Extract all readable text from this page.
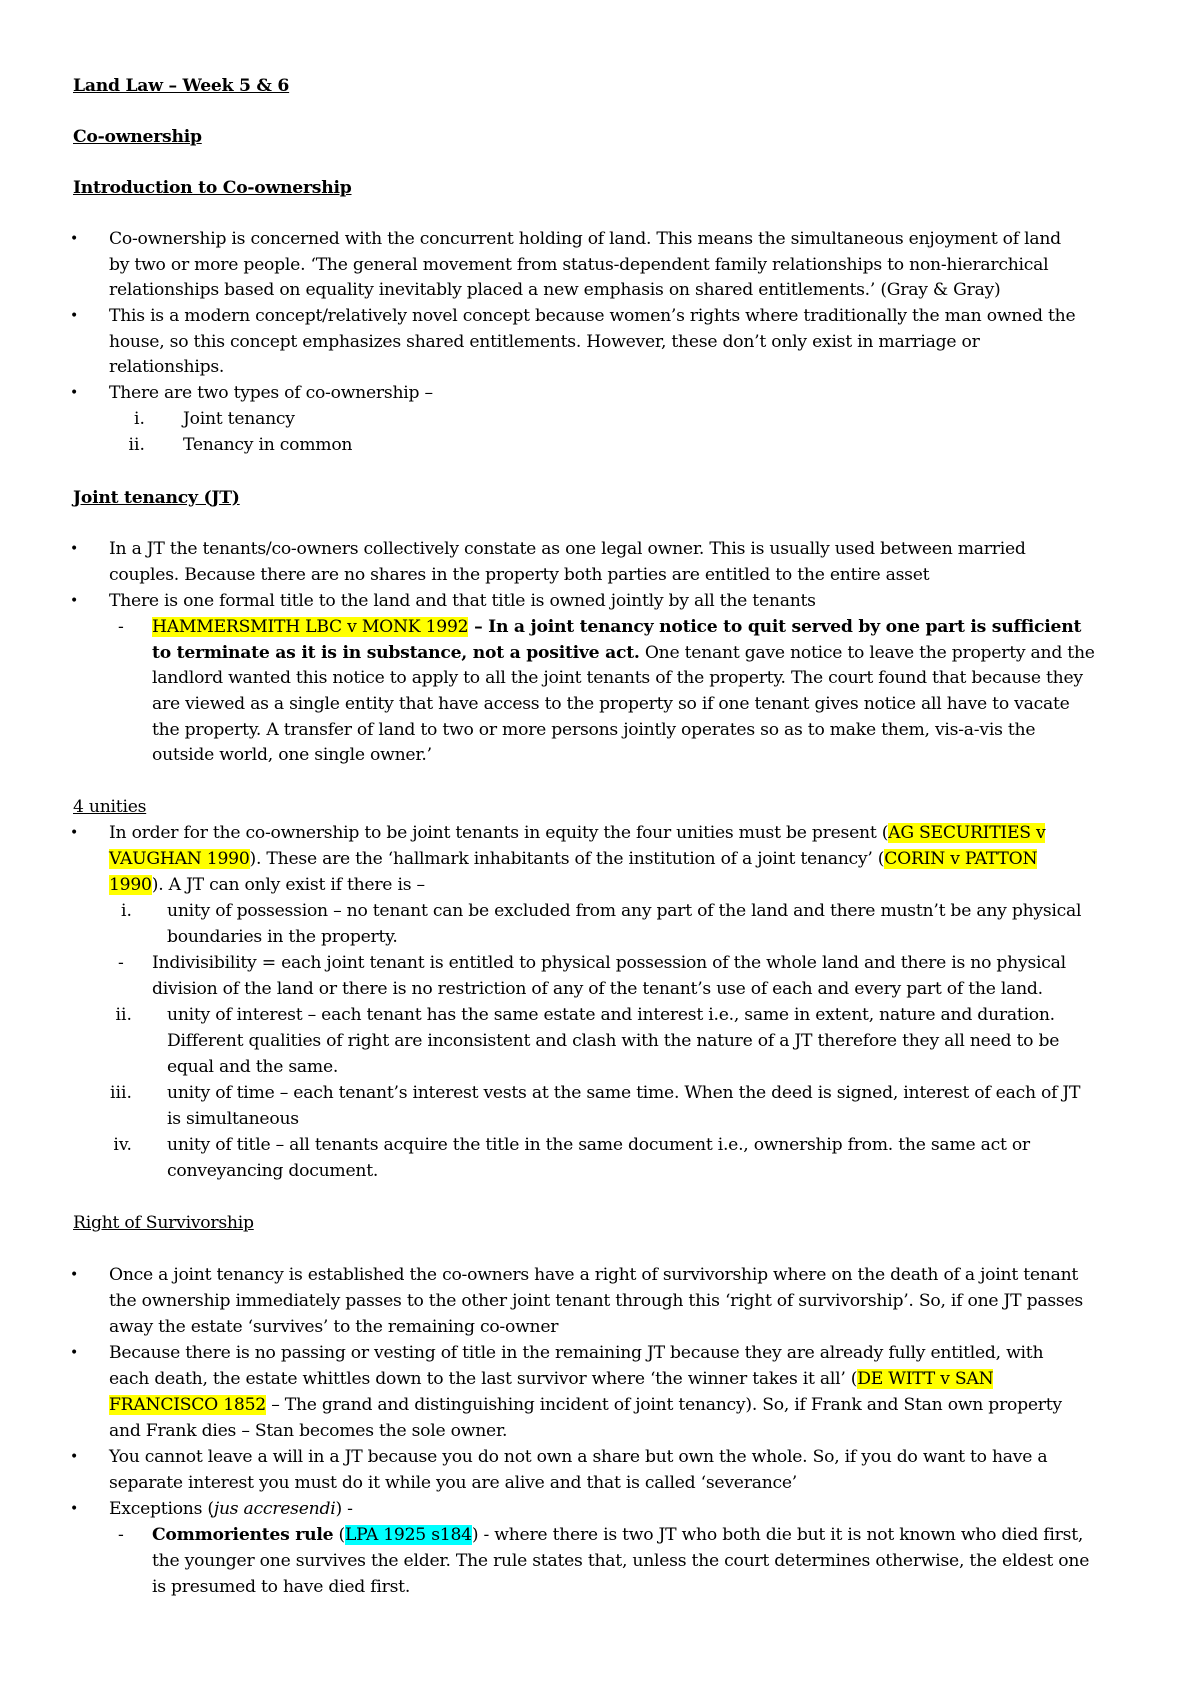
Land Law – Week 5 & 6
Co-ownership
Introduction to Co-ownership
• Co-ownership is concerned with the concurrent holding of land. This means the simultaneous enjoyment of land
by two or more people. ‘The general movement from status-dependent family relationships to non-hierarchical
relationships based on equality inevitably placed a new emphasis on shared entitlements.’ (Gray & Gray)
• This is a modern concept/relatively novel concept because women’s rights where traditionally the man owned the
house, so this concept emphasizes shared entitlements. However, these don’t only exist in marriage or
relationships.
• There are two types of co-ownership –
i. Joint tenancy
ii. Tenancy in common
Joint tenancy (JT)
• In a JT the tenants/co-owners collectively constate as one legal owner. This is usually used between married
couples. Because there are no shares in the property both parties are entitled to the entire asset
• There is one formal title to the land and that title is owned jointly by all the tenants
- HAMMERSMITH LBC v MONK 1992 – In a joint tenancy notice to quit served by one part is sufficient
to terminate as it is in substance, not a positive act. One tenant gave notice to leave the property and the
landlord wanted this notice to apply to all the joint tenants of the property. The court found that because they
are viewed as a single entity that have access to the property so if one tenant gives notice all have to vacate
the property. A transfer of land to two or more persons jointly operates so as to make them, vis-a-vis the
outside world, one single owner.’
4 unities
• In order for the co-ownership to be joint tenants in equity the four unities must be present (AG SECURITIES v
VAUGHAN 1990). These are the ‘hallmark inhabitants of the institution of a joint tenancy’ (CORIN v PATTON
1990). A JT can only exist if there is –
i. unity of possession – no tenant can be excluded from any part of the land and there mustn’t be any physical
boundaries in the property.
- Indivisibility = each joint tenant is entitled to physical possession of the whole land and there is no physical
division of the land or there is no restriction of any of the tenant’s use of each and every part of the land.
ii. unity of interest – each tenant has the same estate and interest i.e., same in extent, nature and duration.
Different qualities of right are inconsistent and clash with the nature of a JT therefore they all need to be
equal and the same.
iii. unity of time – each tenant’s interest vests at the same time. When the deed is signed, interest of each of JT
is simultaneous
iv. unity of title – all tenants acquire the title in the same document i.e., ownership from. the same act or
conveyancing document.
Right of Survivorship
• Once a joint tenancy is established the co-owners have a right of survivorship where on the death of a joint tenant
the ownership immediately passes to the other joint tenant through this ‘right of survivorship’. So, if one JT passes
away the estate ‘survives’ to the remaining co-owner
• Because there is no passing or vesting of title in the remaining JT because they are already fully entitled, with
each death, the estate whittles down to the last survivor where ‘the winner takes it all’ (DE WITT v SAN
FRANCISCO 1852 – The grand and distinguishing incident of joint tenancy). So, if Frank and Stan own property
and Frank dies – Stan becomes the sole owner.
• You cannot leave a will in a JT because you do not own a share but own the whole. So, if you do want to have a
separate interest you must do it while you are alive and that is called ‘severance’
• Exceptions (jus accresendi) -
- Commorientes rule (LPA 1925 s184) - where there is two JT who both die but it is not known who died first,
the younger one survives the elder. The rule states that, unless the court determines otherwise, the eldest one
is presumed to have died first.
